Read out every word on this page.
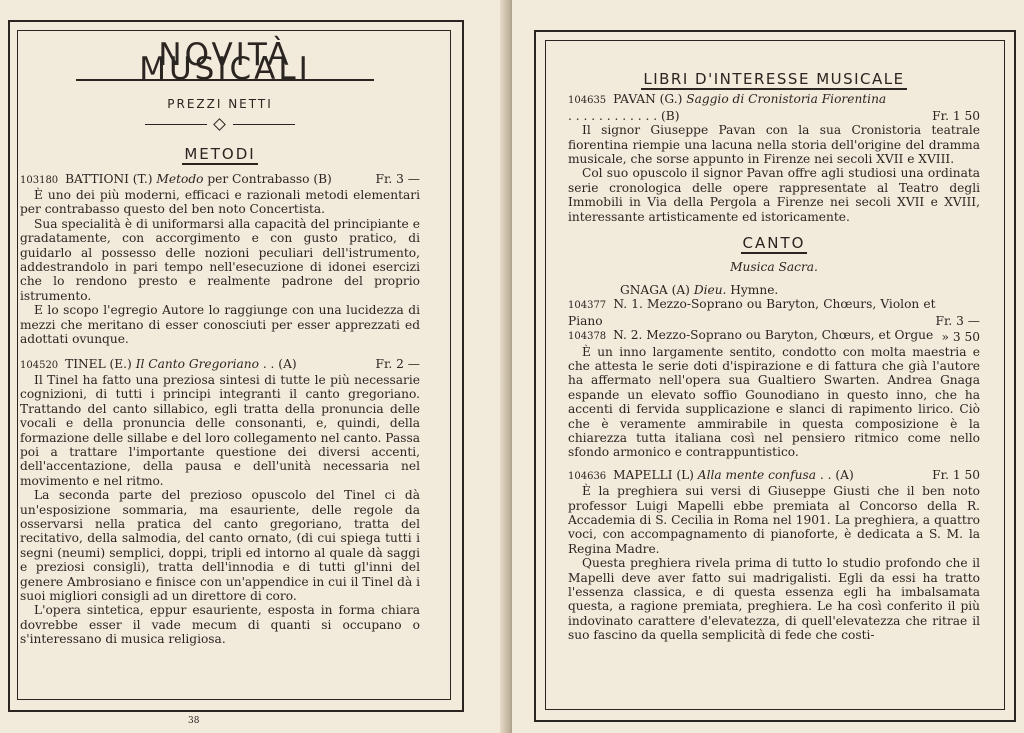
NOVITÀ MUSICALI
PREZZI NETTI
METODI
103180 BATTIONI (T.) Metodo per Contrabasso (B)	Fr. 3 —

È uno dei più moderni, efficaci e razionali metodi elementari per contrabasso questo del ben noto Concertista.

Sua specialità è di uniformarsi alla capacità del principiante e gradatamente, con accorgimento e con gusto pratico, di guidarlo al possesso delle nozioni peculiari dell'istrumento, addestrandolo in pari tempo nell'esecuzione di idonei esercizi che lo rendono presto e realmente padrone del proprio istrumento.

E lo scopo l'egregio Autore lo raggiunge con una lucidezza di mezzi che meritano di esser conosciuti per esser apprezzati ed adottati ovunque.

104520 TINEL (E.) Il Canto Gregoriano . . (A)	Fr. 2 —

Il Tinel ha fatto una preziosa sintesi di tutte le più necessarie cognizioni, di tutti i principi integranti il canto gregoriano. Trattando del canto sillabico, egli tratta della pronuncia delle vocali e della pronuncia delle consonanti, e, quindi, della formazione delle sillabe e del loro collegamento nel canto. Passa poi a trattare l'importante questione dei diversi accenti, dell'accentazione, della pausa e dell'unità necessaria nel movimento e nel ritmo.

La seconda parte del prezioso opuscolo del Tinel ci dà un'esposizione sommaria, ma esauriente, delle regole da osservarsi nella pratica del canto gregoriano, tratta del recitativo, della salmodia, del canto ornato, (di cui spiega tutti i segni (neumi) semplici, doppi, tripli ed intorno al quale dà saggi e preziosi consigli), tratta dell'innodia e di tutti gl'inni del genere Ambrosiano e finisce con un'appendice in cui il Tinel dà i suoi migliori consigli ad un direttore di coro.

L'opera sintetica, eppur esauriente, esposta in forma chiara dovrebbe esser il vade mecum di quanti si occupano o s'interessano di musica religiosa.

38
LIBRI D'INTERESSE MUSICALE
104635 PAVAN (G.) Saggio di Cronistoria Fiorentina
. . . . . . . . . . . . (B)	Fr. 1 50

Il signor Giuseppe Pavan con la sua Cronistoria teatrale fiorentina riempie una lacuna nella storia dell'origine del dramma musicale, che sorse appunto in Firenze nei secoli XVII e XVIII.

Col suo opuscolo il signor Pavan offre agli studiosi una ordinata serie cronologica delle opere rappresentate al Teatro degli Immobili in Via della Pergola a Firenze nei secoli XVII e XVIII, interessante artisticamente ed istoricamente.

CANTO
Musica Sacra.
GNAGA (A) Dieu. Hymne.
104377 N. 1. Mezzo-Soprano ou Baryton, Chœurs, Violon et Piano	Fr. 3 —
104378 N. 2. Mezzo-Soprano ou Baryton, Chœurs, et Orgue » 3 50

È un inno largamente sentito, condotto con molta maestria e che attesta le serie doti d'ispirazione e di fattura che già l'autore ha affermato nell'opera sua Gualtiero Swarten. Andrea Gnaga espande un elevato soffio Gounodiano in questo inno, che ha accenti di fervida supplicazione e slanci di rapimento lirico. Ciò che è veramente ammirabile in questa composizione è la chiarezza tutta italiana così nel pensiero ritmico come nello sfondo armonico e contrappuntistico.

104636 MAPELLI (L) Alla mente confusa . . (A)	Fr. 1 50

È la preghiera sui versi di Giuseppe Giusti che il ben noto professor Luigi Mapelli ebbe premiata al Concorso della R. Accademia di S. Cecilia in Roma nel 1901. La preghiera, a quattro voci, con accompagnamento di pianoforte, è dedicata a S. M. la Regina Madre.

Questa preghiera rivela prima di tutto lo studio profondo che il Mapelli deve aver fatto sui madrigalisti. Egli da essi ha tratto l'essenza classica, e di questa essenza egli ha imbalsamata questa, a ragione premiata, preghiera. Le ha così conferito il più indovinato carattere d'elevatezza, di quell'elevatezza che ritrae il suo fascino da quella semplicità di fede che costi-
